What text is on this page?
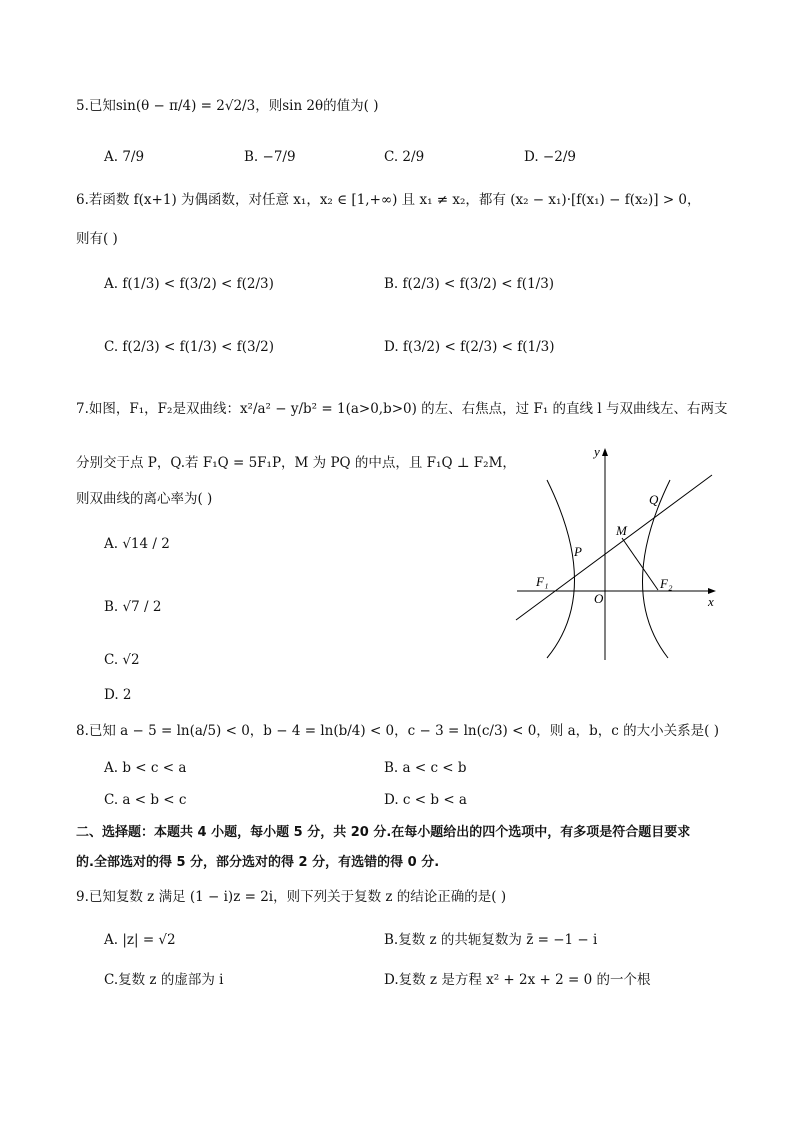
5.已知sin(θ − π/4) = 2√2/3，则sin 2θ的值为( )
A. 7/9	B. −7/9	C. 2/9	D. −2/9
6.若函数 f(x+1) 为偶函数，对任意 x₁，x₂ ∈ [1,+∞) 且 x₁ ≠ x₂，都有 (x₂ − x₁)·[f(x₁) − f(x₂)] > 0，
则有( )
A. f(1/3) < f(3/2) < f(2/3)	B. f(2/3) < f(3/2) < f(1/3)
C. f(2/3) < f(1/3) < f(3/2)	D. f(3/2) < f(2/3) < f(1/3)
7.如图，F₁，F₂是双曲线：x²/a² − y/b² = 1(a>0,b>0) 的左、右焦点，过 F₁ 的直线 l 与双曲线左、右两支
分别交于点 P，Q.若 F₁Q = 5F₁P，M 为 PQ 的中点，且 F₁Q ⊥ F₂M，
则双曲线的离心率为( )
A. √14 / 2
B. √7 / 2
C. √2
D. 2
y
x
O
F₁	F₂
P
Q
M
8.已知 a − 5 = ln(a/5) < 0，b − 4 = ln(b/4) < 0，c − 3 = ln(c/3) < 0，则 a，b，c 的大小关系是( )
A. b < c < a	B. a < c < b
C. a < b < c	D. c < b < a
二、选择题：本题共 4 小题，每小题 5 分，共 20 分.在每小题给出的四个选项中，有多项是符合题目要求
的.全部选对的得 5 分，部分选对的得 2 分，有选错的得 0 分.
9.已知复数 z 满足 (1 − i)z = 2i，则下列关于复数 z 的结论正确的是( )
A. |z| = √2	B.复数 z 的共轭复数为 z̄ = −1 − i
C.复数 z 的虚部为 i	D.复数 z 是方程 x² + 2x + 2 = 0 的一个根
